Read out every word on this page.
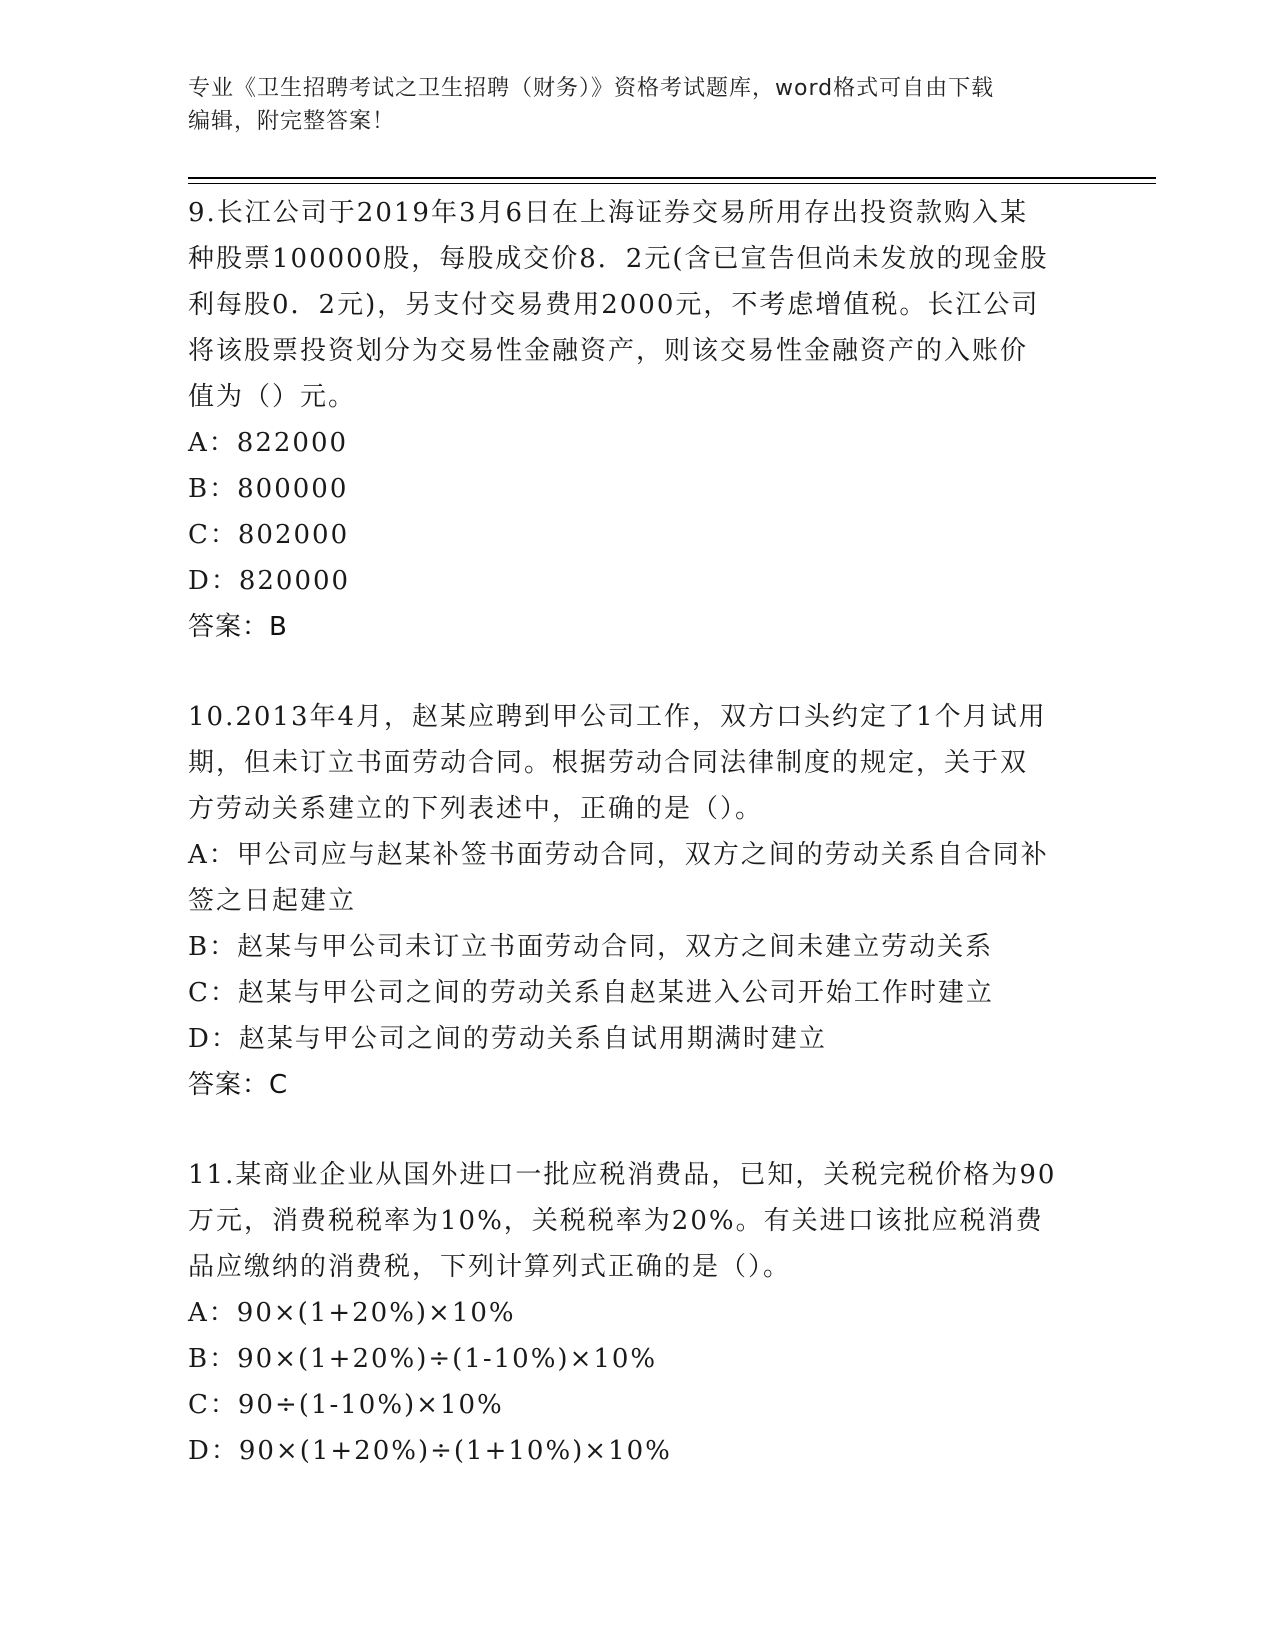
专业《卫生招聘考试之卫生招聘（财务）》资格考试题库，word格式可自由下载
编辑，附完整答案！
9.长江公司于2019年3月6日在上海证券交易所用存出投资款购入某
种股票100000股，每股成交价8．2元(含已宣告但尚未发放的现金股
利每股0．2元)，另支付交易费用2000元，不考虑增值税。长江公司
将该股票投资划分为交易性金融资产，则该交易性金融资产的入账价
值为（）元。
A：822000
B：800000
C：802000
D：820000
答案：B
10.2013年4月，赵某应聘到甲公司工作，双方口头约定了1个月试用
期，但未订立书面劳动合同。根据劳动合同法律制度的规定，关于双
方劳动关系建立的下列表述中，正确的是（）。
A：甲公司应与赵某补签书面劳动合同，双方之间的劳动关系自合同补
签之日起建立
B：赵某与甲公司未订立书面劳动合同，双方之间未建立劳动关系
C：赵某与甲公司之间的劳动关系自赵某进入公司开始工作时建立
D：赵某与甲公司之间的劳动关系自试用期满时建立
答案：C
11.某商业企业从国外进口一批应税消费品，已知，关税完税价格为90
万元，消费税税率为10%，关税税率为20%。有关进口该批应税消费
品应缴纳的消费税，下列计算列式正确的是（）。
A：90×(1+20%)×10%
B：90×(1+20%)÷(1-10%)×10%
C：90÷(1-10%)×10%
D：90×(1+20%)÷(1+10%)×10%
